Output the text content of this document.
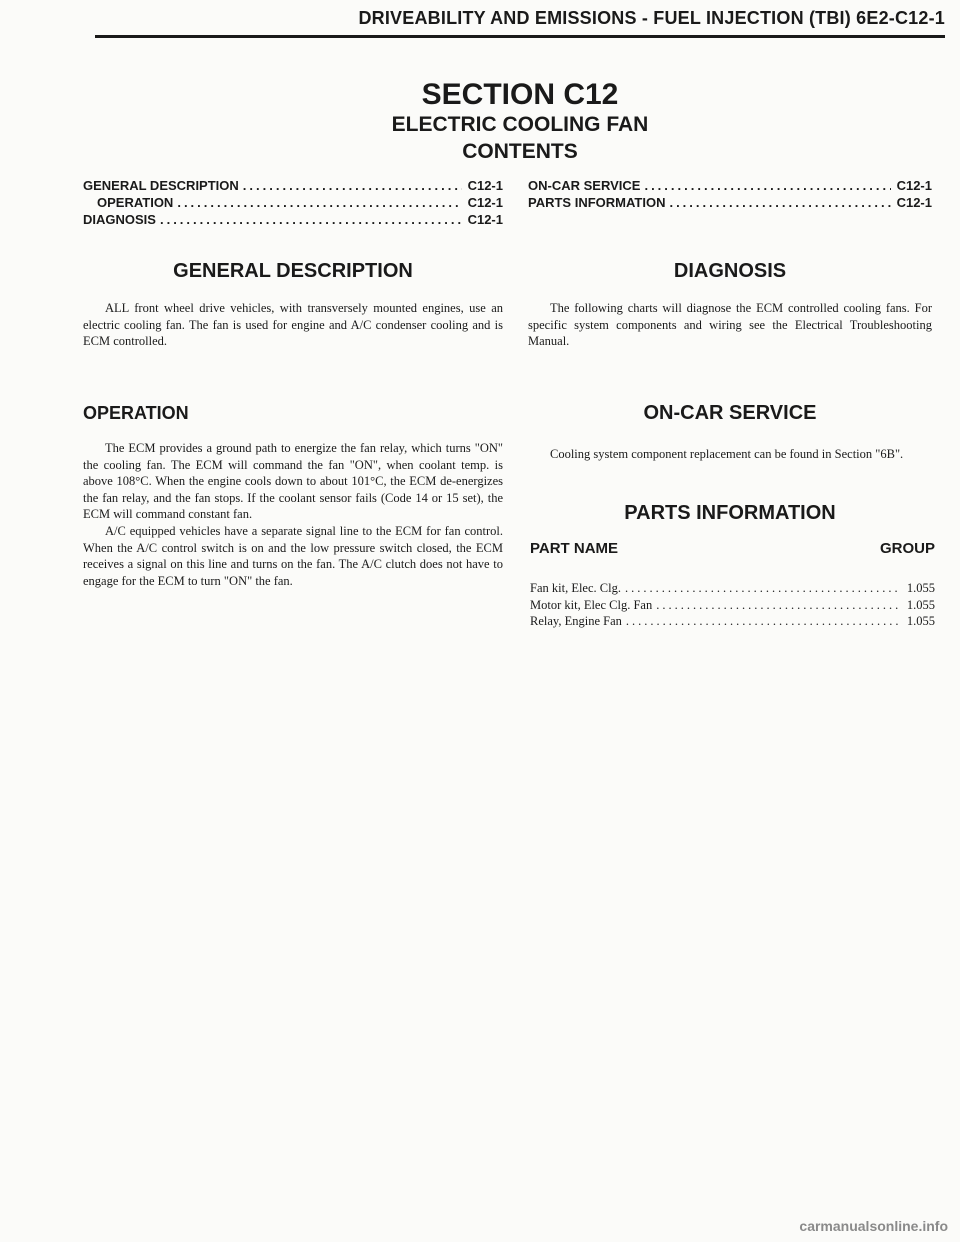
DRIVEABILITY AND EMISSIONS - FUEL INJECTION (TBI) 6E2-C12-1
SECTION C12
ELECTRIC COOLING FAN
CONTENTS
GENERAL DESCRIPTION .....	C12-1
OPERATION .....	C12-1
DIAGNOSIS .....	C12-1
ON-CAR SERVICE .....	C12-1
PARTS INFORMATION .....	C12-1
GENERAL DESCRIPTION

ALL front wheel drive vehicles, with transversely mounted engines, use an electric cooling fan. The fan is used for engine and A/C condenser cooling and is ECM controlled.

OPERATION

The ECM provides a ground path to energize the fan relay, which turns "ON" the cooling fan. The ECM will command the fan "ON", when coolant temp. is above 108°C. When the engine cools down to about 101°C, the ECM de-energizes the fan relay, and the fan stops. If the coolant sensor fails (Code 14 or 15 set), the ECM will command constant fan.

A/C equipped vehicles have a separate signal line to the ECM for fan control. When the A/C control switch is on and the low pressure switch closed, the ECM receives a signal on this line and turns on the fan. The A/C clutch does not have to engage for the ECM to turn "ON" the fan.

DIAGNOSIS

The following charts will diagnose the ECM controlled cooling fans. For specific system components and wiring see the Electrical Troubleshooting Manual.

ON-CAR SERVICE

Cooling system component replacement can be found in Section "6B".

PARTS INFORMATION
PART NAME	GROUP
Fan kit, Elec. Clg. .....	1.055
Motor kit, Elec Clg. Fan .....	1.055
Relay, Engine Fan .....	1.055
carmanualsonline.info
